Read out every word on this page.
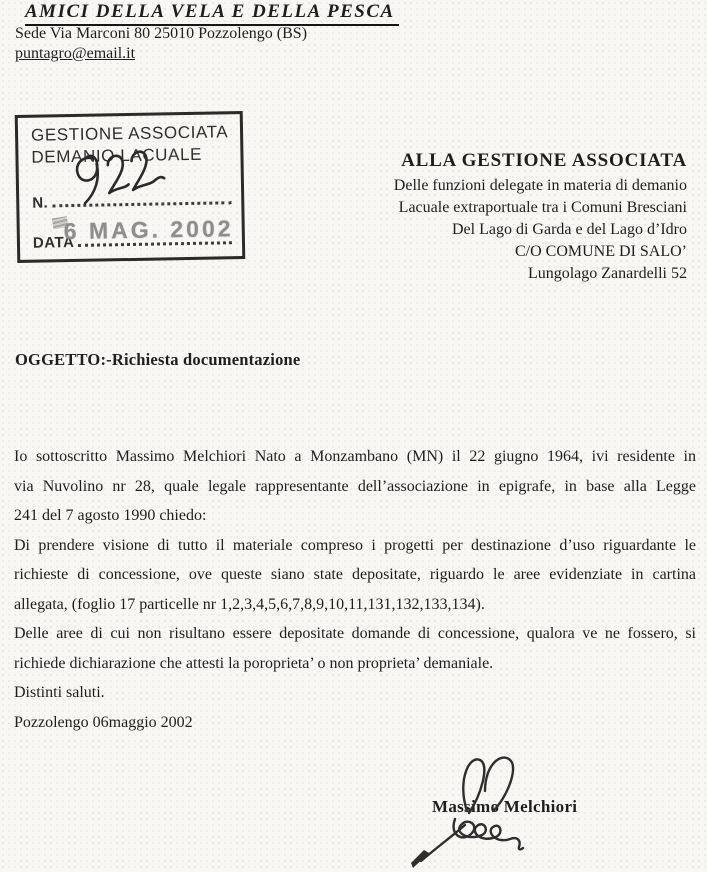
AMICI DELLA VELA E DELLA PESCA
Sede Via Marconi 80 25010 Pozzolengo (BS)
puntagro@email.it
GESTIONE ASSOCIATA
DEMANIO LACUALE
N.
DATA
6 MAG. 2002
ALLA GESTIONE ASSOCIATA
Delle funzioni delegate in materia di demanio
Lacuale extraportuale tra i Comuni Bresciani
Del Lago di Garda e del Lago d’Idro
C/O COMUNE DI SALO’
Lungolago Zanardelli 52
OGGETTO:-Richiesta documentazione
Io sottoscritto Massimo Melchiori Nato a Monzambano (MN) il 22 giugno 1964, ivi residente in
via Nuvolino nr 28, quale legale rappresentante dell’associazione in epigrafe, in base alla Legge
241 del 7 agosto 1990 chiedo:
Di prendere visione di tutto il materiale compreso i progetti per destinazione d’uso riguardante le
richieste di concessione, ove queste siano state depositate, riguardo le aree evidenziate in cartina
allegata, (foglio 17 particelle nr 1,2,3,4,5,6,7,8,9,10,11,131,132,133,134).
Delle aree di cui non risultano essere depositate domande di concessione, qualora ve ne fossero, si
richiede dichiarazione che attesti la poroprieta’ o non proprieta’ demaniale.
Distinti saluti.
Pozzolengo 06maggio 2002
Massimo Melchiori
